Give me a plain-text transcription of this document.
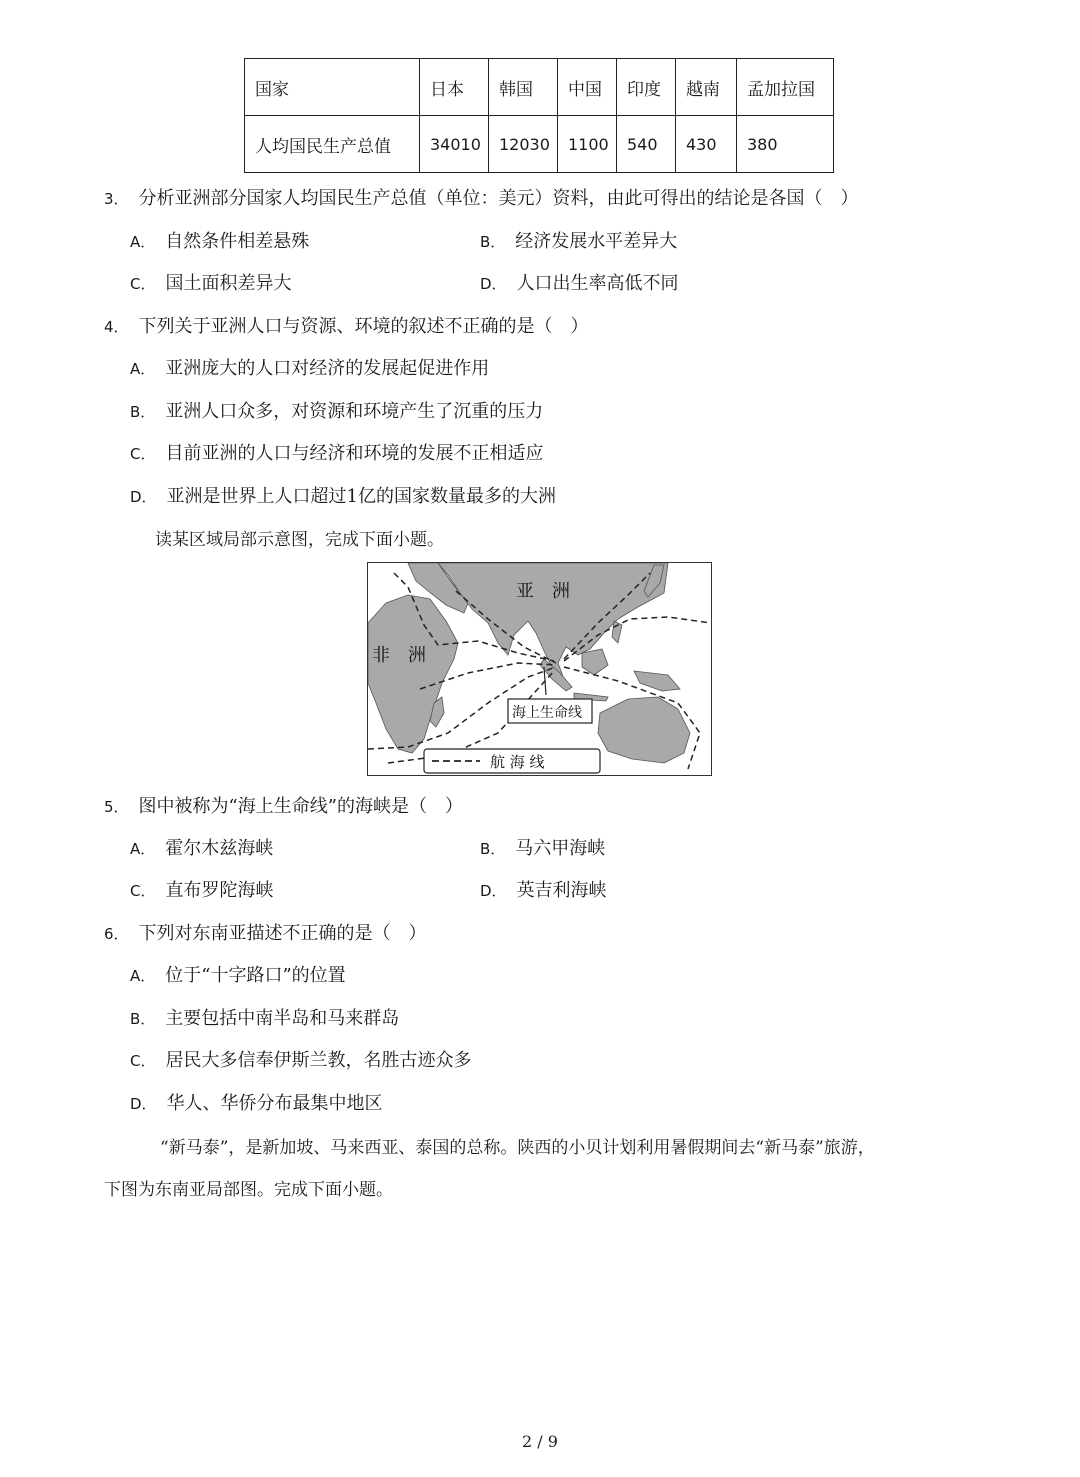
国家	日本	韩国	中国	印度	越南	孟加拉国
人均国民生产总值	34010	12030	1100	540	430	380
3． 分析亚洲部分国家人均国民生产总值（单位：美元）资料，由此可得出的结论是各国（　）
A． 自然条件相差悬殊	B． 经济发展水平差异大
C． 国土面积差异大	D． 人口出生率高低不同
4． 下列关于亚洲人口与资源、环境的叙述不正确的是（　）
A． 亚洲庞大的人口对经济的发展起促进作用
B． 亚洲人口众多，对资源和环境产生了沉重的压力
C． 目前亚洲的人口与经济和环境的发展不正相适应
D． 亚洲是世界上人口超过1亿的国家数量最多的大洲
读某区域局部示意图，完成下面小题。
亚　洲
非　洲
海上生命线
航 海 线
5． 图中被称为“海上生命线”的海峡是（　）
A． 霍尔木兹海峡	B． 马六甲海峡
C． 直布罗陀海峡	D． 英吉利海峡
6． 下列对东南亚描述不正确的是（　）
A． 位于“十字路口”的位置
B． 主要包括中南半岛和马来群岛
C． 居民大多信奉伊斯兰教，名胜古迹众多
D． 华人、华侨分布最集中地区
“新马泰”，是新加坡、马来西亚、泰国的总称。陕西的小贝计划利用暑假期间去“新马泰”旅游，
下图为东南亚局部图。完成下面小题。
2 / 9
